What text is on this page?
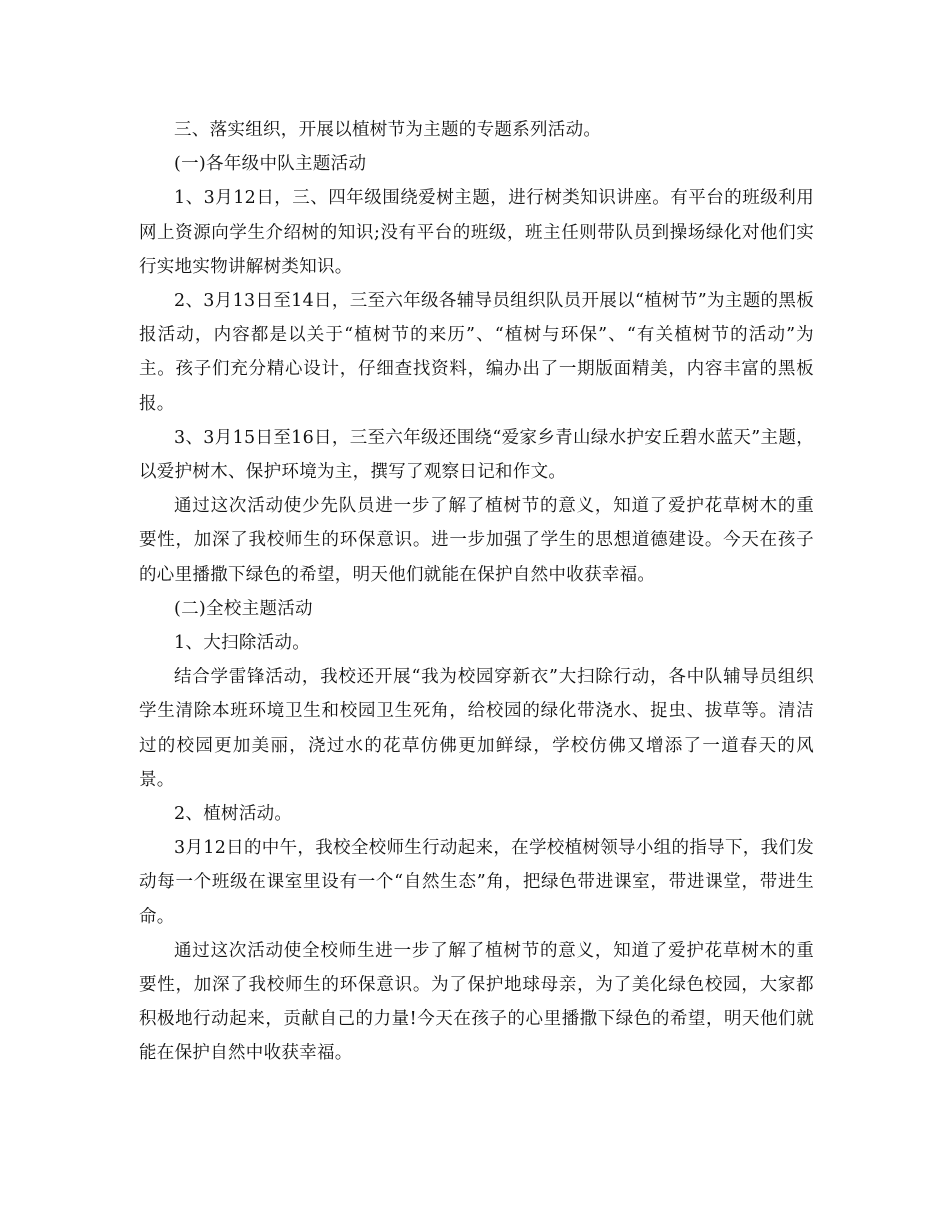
三、落实组织，开展以植树节为主题的专题系列活动。

(一)各年级中队主题活动

1、3月12日，三、四年级围绕爱树主题，进行树类知识讲座。有平台的班级利用网上资源向学生介绍树的知识;没有平台的班级，班主任则带队员到操场绿化对他们实行实地实物讲解树类知识。

2、3月13日至14日，三至六年级各辅导员组织队员开展以“植树节”为主题的黑板报活动，内容都是以关于“植树节的来历”、“植树与环保”、“有关植树节的活动”为主。孩子们充分精心设计，仔细查找资料，编办出了一期版面精美，内容丰富的黑板报。

3、3月15日至16日，三至六年级还围绕“爱家乡青山绿水护安丘碧水蓝天”主题，以爱护树木、保护环境为主，撰写了观察日记和作文。

通过这次活动使少先队员进一步了解了植树节的意义，知道了爱护花草树木的重要性，加深了我校师生的环保意识。进一步加强了学生的思想道德建设。今天在孩子的心里播撒下绿色的希望，明天他们就能在保护自然中收获幸福。

(二)全校主题活动

1、大扫除活动。

结合学雷锋活动，我校还开展“我为校园穿新衣”大扫除行动，各中队辅导员组织学生清除本班环境卫生和校园卫生死角，给校园的绿化带浇水、捉虫、拔草等。清洁过的校园更加美丽，浇过水的花草仿佛更加鲜绿，学校仿佛又增添了一道春天的风景。

2、植树活动。

3月12日的中午，我校全校师生行动起来，在学校植树领导小组的指导下，我们发动每一个班级在课室里设有一个“自然生态”角，把绿色带进课室，带进课堂，带进生命。

通过这次活动使全校师生进一步了解了植树节的意义，知道了爱护花草树木的重要性，加深了我校师生的环保意识。为了保护地球母亲，为了美化绿色校园，大家都积极地行动起来，贡献自己的力量!今天在孩子的心里播撒下绿色的希望，明天他们就能在保护自然中收获幸福。
